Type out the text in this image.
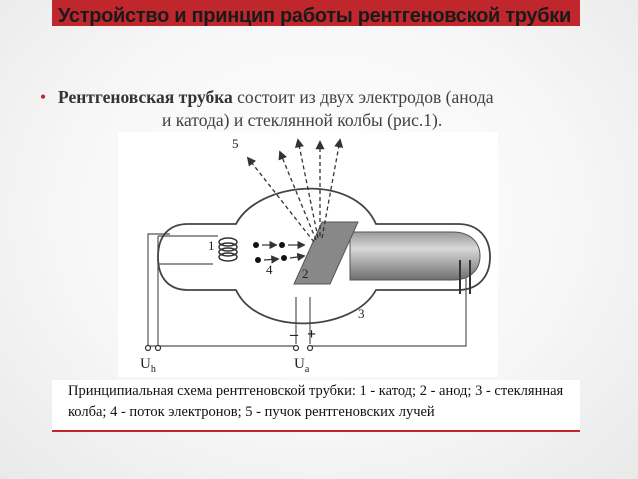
Устройство и принцип работы рентгеновской трубки
• Рентгеновская трубка состоит из двух электродов (анода
и катода) и стеклянной колбы (рис.1).
1
2
3
4
5
– +
$U_h$	$U_a$
Принципиальная схема рентгеновской трубки: 1 - катод; 2 - анод; 3 - стеклянная колба; 4 - поток электронов; 5 - пучок рентгеновских лучей
